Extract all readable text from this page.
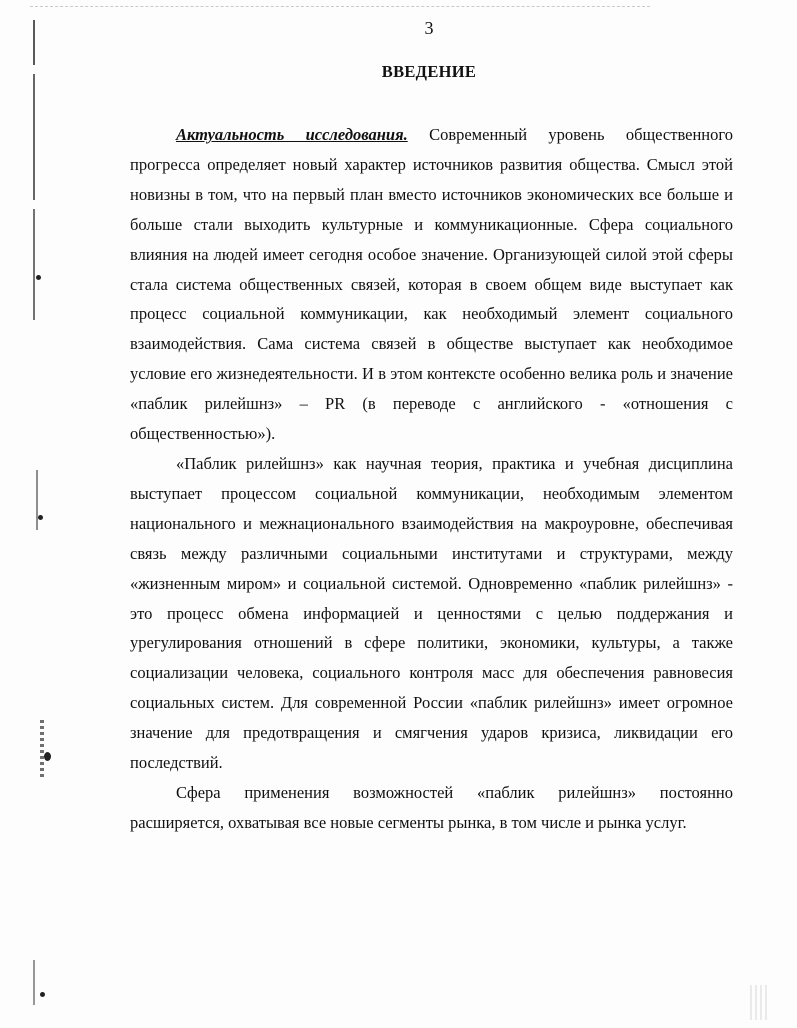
3
ВВЕДЕНИЕ

Актуальность исследования. Современный уровень общественного прогресса определяет новый характер источников развития общества. Смысл этой новизны в том, что на первый план вместо источников экономических все больше и больше стали выходить культурные и коммуникационные. Сфера социального влияния на людей имеет сегодня особое значение. Организующей силой этой сферы стала система общественных связей, которая в своем общем виде выступает как процесс социальной коммуникации, как необходимый элемент социального взаимодействия. Сама система связей в обществе выступает как необходимое условие его жизнедеятельности. И в этом контексте особенно велика роль и значение «паблик рилейшнз» – PR (в переводе с английского - «отношения с общественностью»).

«Паблик рилейшнз» как научная теория, практика и учебная дисциплина выступает процессом социальной коммуникации, необходимым элементом национального и межнационального взаимодействия на макроуровне, обеспечивая связь между различными социальными институтами и структурами, между «жизненным миром» и социальной системой. Одновременно «паблик рилейшнз» - это процесс обмена информацией и ценностями с целью поддержания и урегулирования отношений в сфере политики, экономики, культуры, а также социализации человека, социального контроля масс для обеспечения равновесия социальных систем. Для современной России «паблик рилейшнз» имеет огромное значение для предотвращения и смягчения ударов кризиса, ликвидации его последствий.

Сфера применения возможностей «паблик рилейшнз» постоянно расширяется, охватывая все новые сегменты рынка, в том числе и рынка услуг.
